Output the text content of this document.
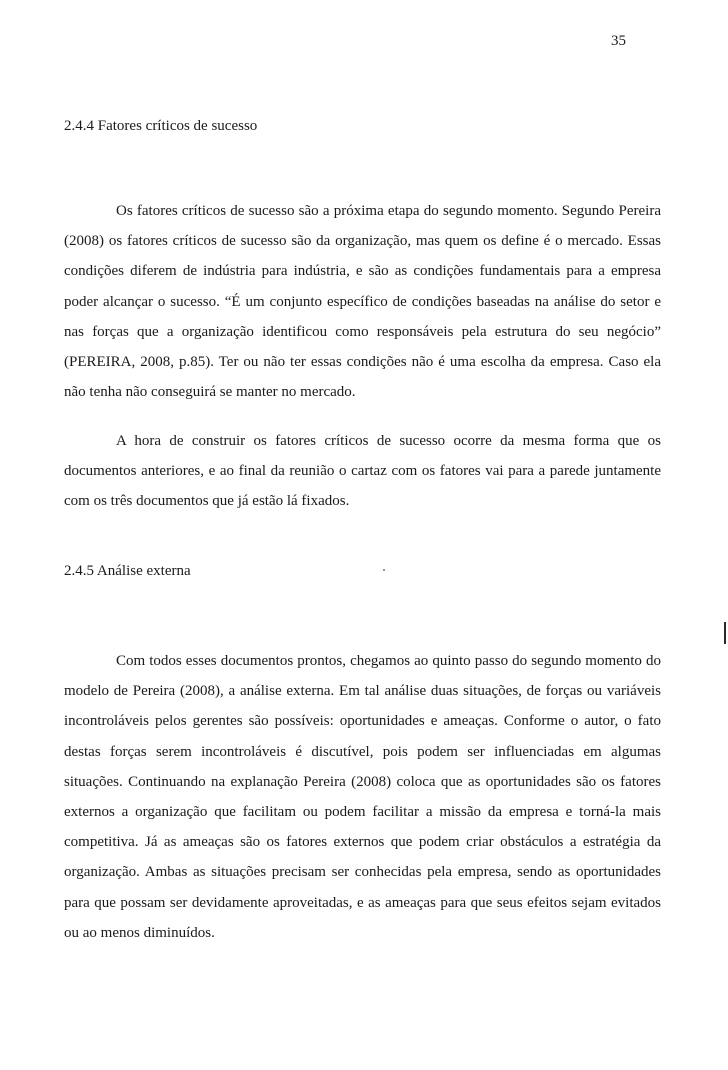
35
2.4.4 Fatores críticos de sucesso

Os fatores críticos de sucesso são a próxima etapa do segundo momento. Segundo Pereira (2008) os fatores críticos de sucesso são da organização, mas quem os define é o mercado. Essas condições diferem de indústria para indústria, e são as condições fundamentais para a empresa poder alcançar o sucesso. “É um conjunto específico de condições baseadas na análise do setor e nas forças que a organização identificou como responsáveis pela estrutura do seu negócio” (PEREIRA, 2008, p.85). Ter ou não ter essas condições não é uma escolha da empresa. Caso ela não tenha não conseguirá se manter no mercado.

A hora de construir os fatores críticos de sucesso ocorre da mesma forma que os documentos anteriores, e ao final da reunião o cartaz com os fatores vai para a parede juntamente com os três documentos que já estão lá fixados.

2.4.5 Análise externa

Com todos esses documentos prontos, chegamos ao quinto passo do segundo momento do modelo de Pereira (2008), a análise externa. Em tal análise duas situações, de forças ou variáveis incontroláveis pelos gerentes são possíveis: oportunidades e ameaças. Conforme o autor, o fato destas forças serem incontroláveis é discutível, pois podem ser influenciadas em algumas situações. Continuando na explanação Pereira (2008) coloca que as oportunidades são os fatores externos a organização que facilitam ou podem facilitar a missão da empresa e torná-la mais competitiva. Já as ameaças são os fatores externos que podem criar obstáculos a estratégia da organização. Ambas as situações precisam ser conhecidas pela empresa, sendo as oportunidades para que possam ser devidamente aproveitadas, e as ameaças para que seus efeitos sejam evitados ou ao menos diminuídos.
